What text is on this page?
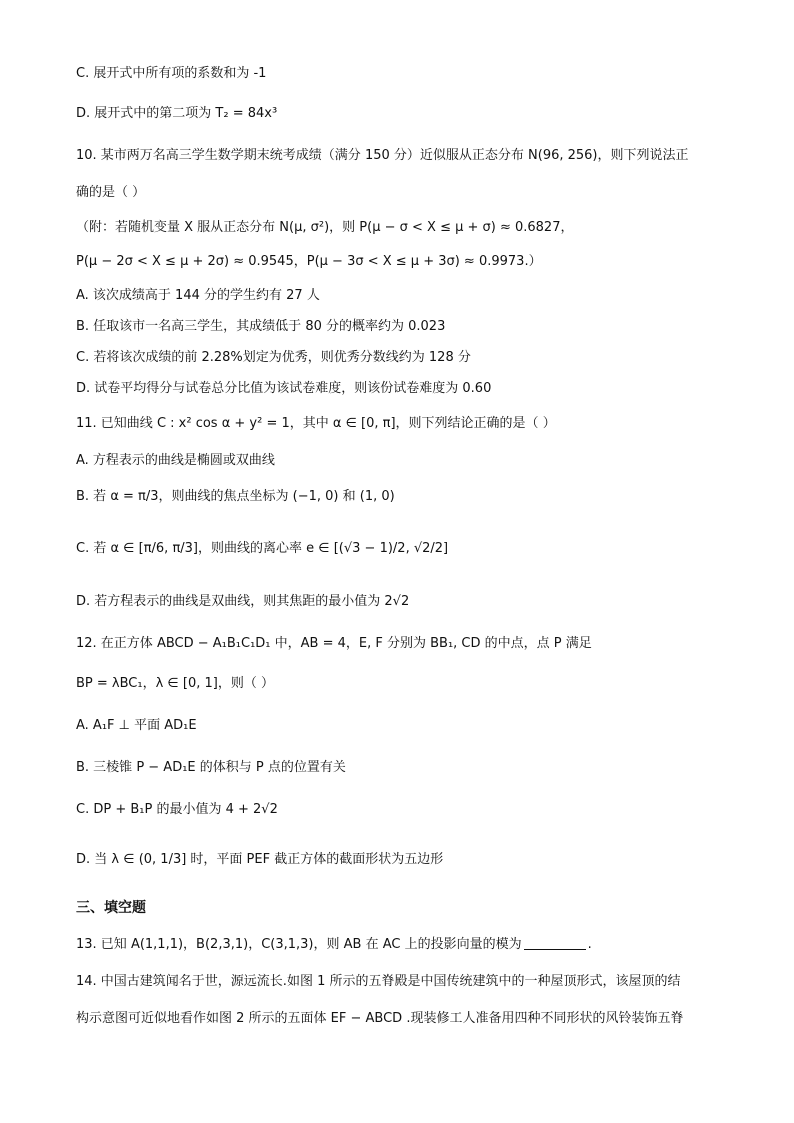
C. 展开式中所有项的系数和为 -1
D. 展开式中的第二项为 T₂ = 84x³
10. 某市两万名高三学生数学期末统考成绩（满分 150 分）近似服从正态分布 N(96, 256)，则下列说法正
确的是（ ）
（附：若随机变量 X 服从正态分布 N(μ, σ²)，则 P(μ − σ < X ≤ μ + σ) ≈ 0.6827，
P(μ − 2σ < X ≤ μ + 2σ) ≈ 0.9545，P(μ − 3σ < X ≤ μ + 3σ) ≈ 0.9973.）
A. 该次成绩高于 144 分的学生约有 27 人
B. 任取该市一名高三学生，其成绩低于 80 分的概率约为 0.023
C. 若将该次成绩的前 2.28%划定为优秀，则优秀分数线约为 128 分
D. 试卷平均得分与试卷总分比值为该试卷难度，则该份试卷难度为 0.60
11. 已知曲线 C : x² cos α + y² = 1，其中 α ∈ [0, π]，则下列结论正确的是（ ）
A. 方程表示的曲线是椭圆或双曲线
B. 若 α = π/3，则曲线的焦点坐标为 (−1, 0) 和 (1, 0)
C. 若 α ∈ [π/6, π/3]，则曲线的离心率 e ∈ [(√3 − 1)/2, √2/2]
D. 若方程表示的曲线是双曲线，则其焦距的最小值为 2√2
12. 在正方体 ABCD − A₁B₁C₁D₁ 中，AB = 4，E, F 分别为 BB₁, CD 的中点，点 P 满足
BP = λBC₁，λ ∈ [0, 1]，则（ ）
A. A₁F ⊥ 平面 AD₁E
B. 三棱锥 P − AD₁E 的体积与 P 点的位置有关
C. DP + B₁P 的最小值为 4 + 2√2
D. 当 λ ∈ (0, 1/3] 时，平面 PEF 截正方体的截面形状为五边形
三、填空题
13. 已知 A(1,1,1)，B(2,3,1)，C(3,1,3)，则 AB 在 AC 上的投影向量的模为	.
14. 中国古建筑闻名于世，源远流长.如图 1 所示的五脊殿是中国传统建筑中的一种屋顶形式，该屋顶的结
构示意图可近似地看作如图 2 所示的五面体 EF − ABCD .现装修工人准备用四种不同形状的风铃装饰五脊
